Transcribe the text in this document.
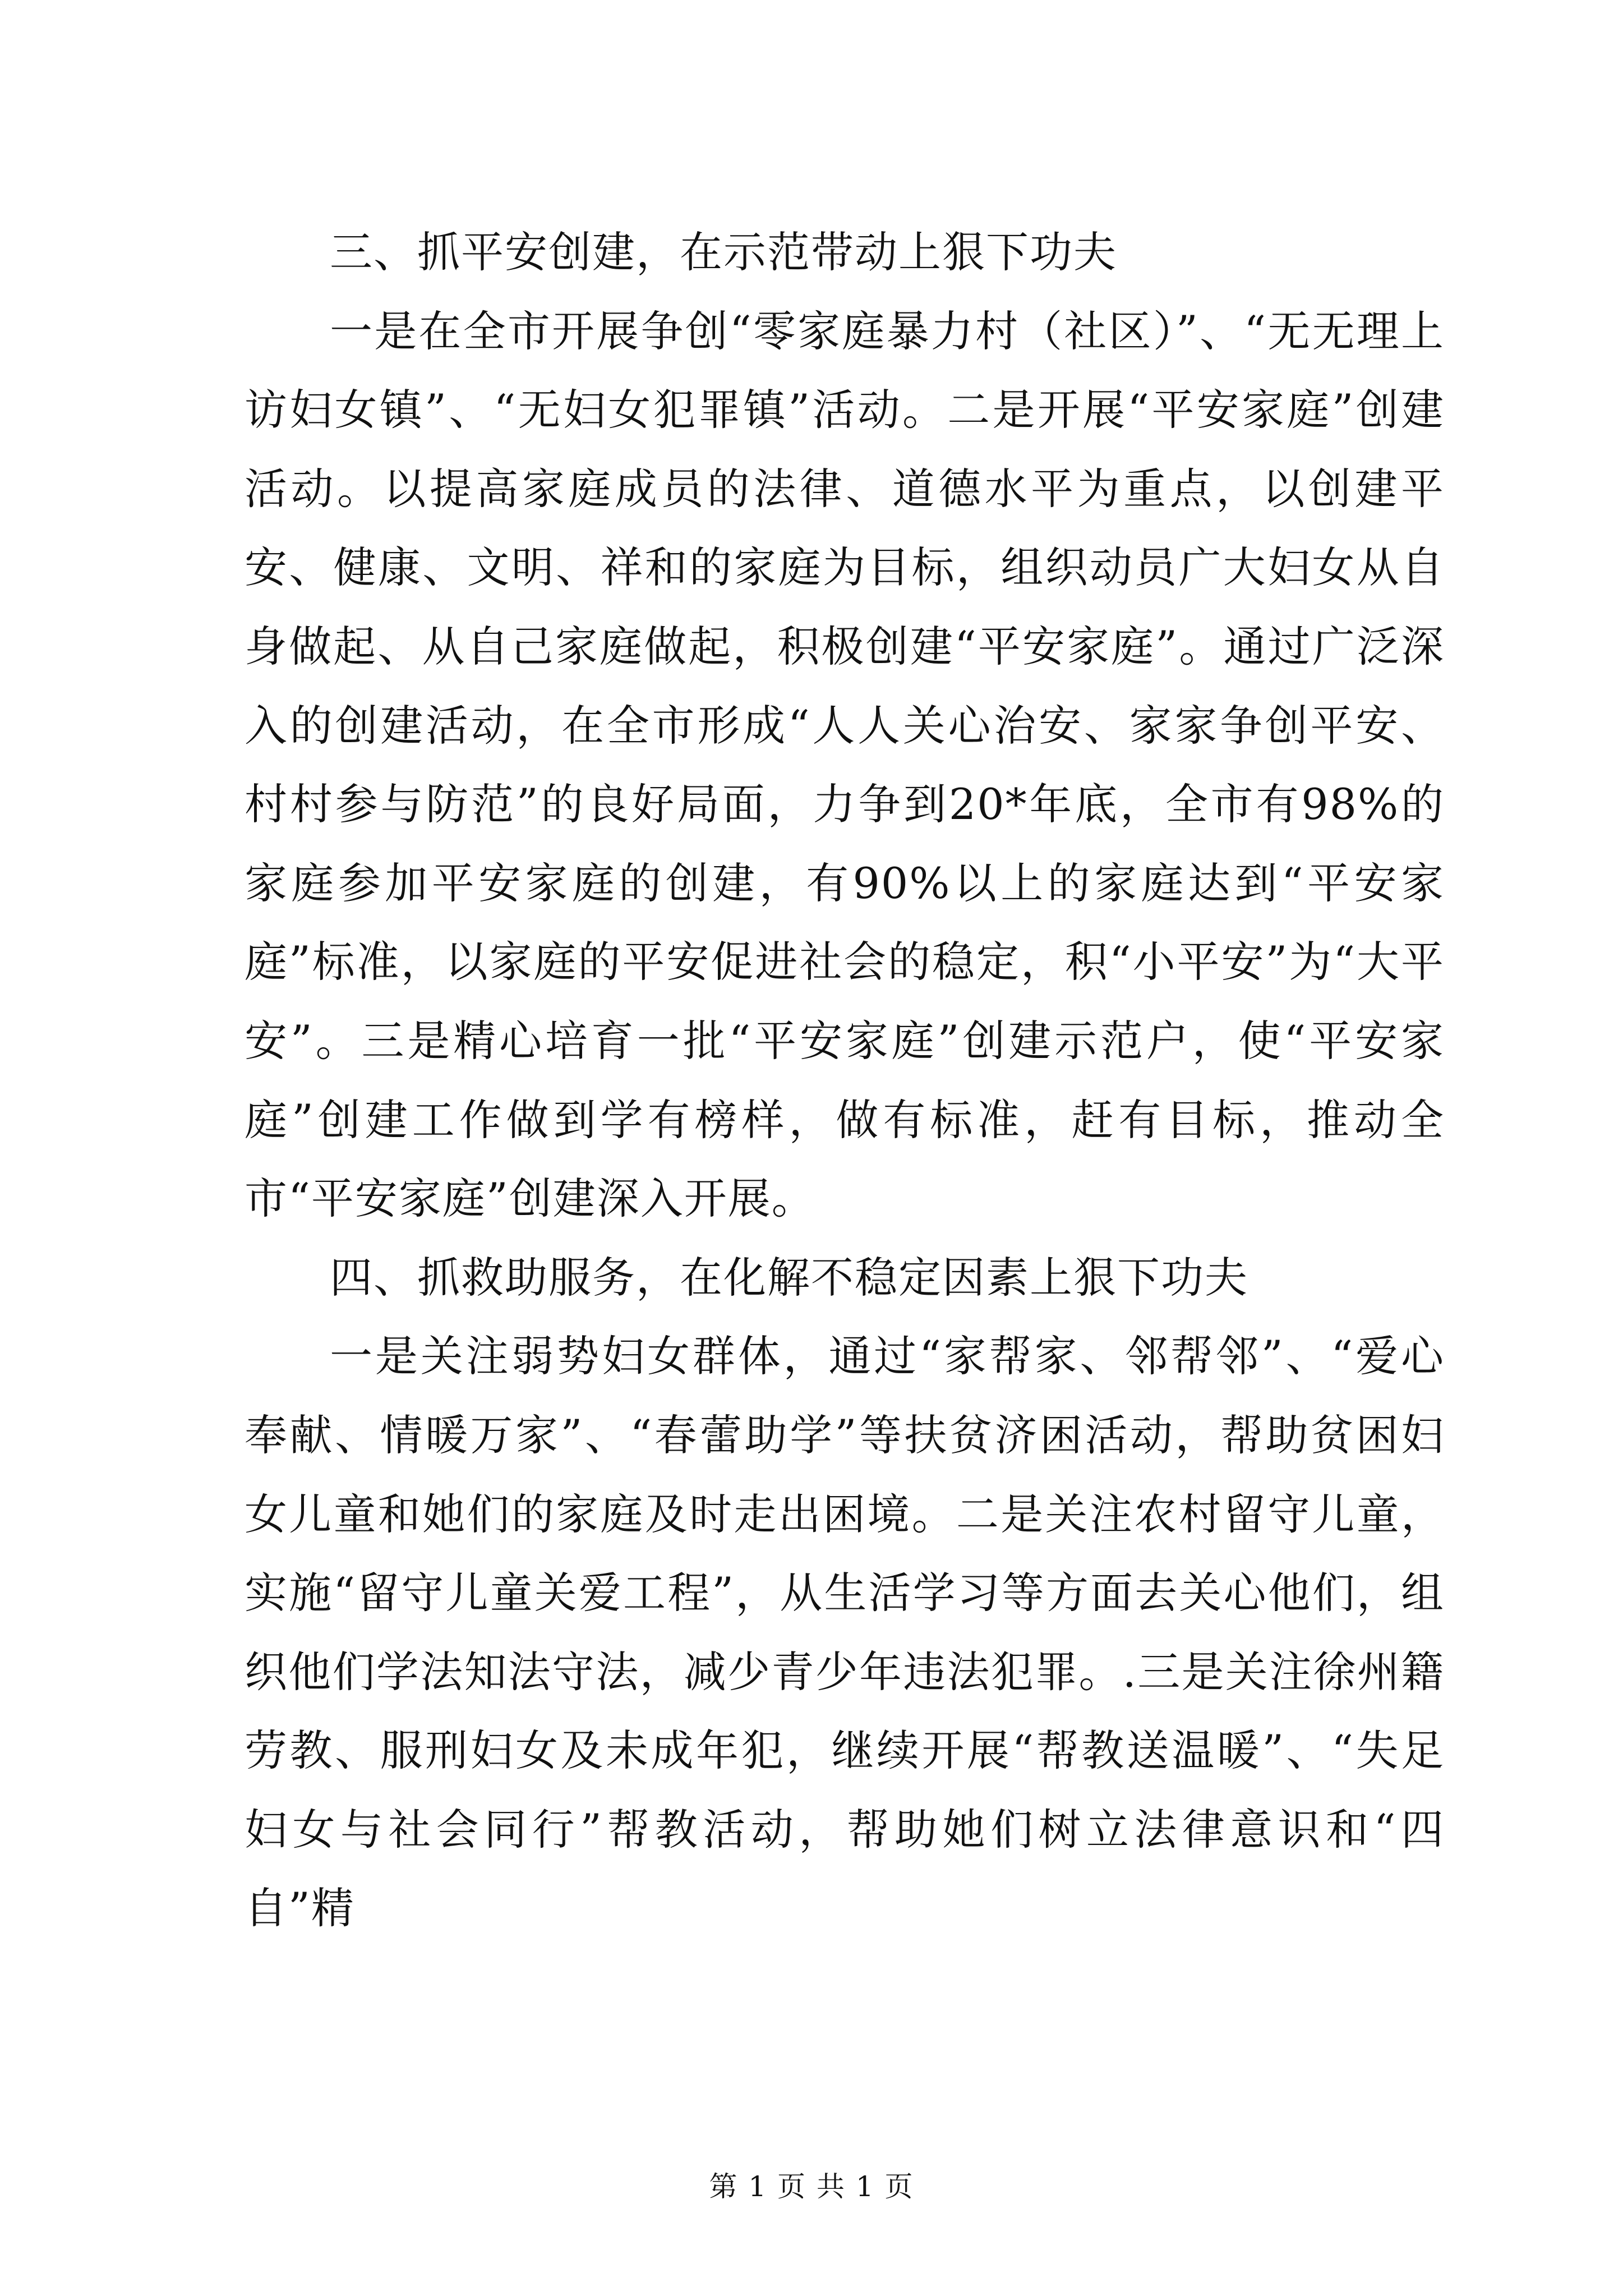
三、抓平安创建，在示范带动上狠下功夫

一是在全市开展争创“零家庭暴力村（社区）”、“无无理上访妇女镇”、“无妇女犯罪镇”活动。二是开展“平安家庭”创建活动。以提高家庭成员的法律、道德水平为重点，以创建平安、健康、文明、祥和的家庭为目标，组织动员广大妇女从自身做起、从自己家庭做起，积极创建“平安家庭”。通过广泛深入的创建活动，在全市形成“人人关心治安、家家争创平安、村村参与防范”的良好局面，力争到20*年底，全市有98%的家庭参加平安家庭的创建，有90%以上的家庭达到“平安家庭”标准，以家庭的平安促进社会的稳定，积“小平安”为“大平安”。三是精心培育一批“平安家庭”创建示范户，使“平安家庭”创建工作做到学有榜样，做有标准，赶有目标，推动全市“平安家庭”创建深入开展。

四、抓救助服务，在化解不稳定因素上狠下功夫

一是关注弱势妇女群体，通过“家帮家、邻帮邻”、“爱心奉献、情暖万家”、“春蕾助学”等扶贫济困活动，帮助贫困妇女儿童和她们的家庭及时走出困境。二是关注农村留守儿童，实施“留守儿童关爱工程”，从生活学习等方面去关心他们，组织他们学法知法守法，减少青少年违法犯罪。.三是关注徐州籍劳教、服刑妇女及未成年犯，继续开展“帮教送温暖”、“失足妇女与社会同行”帮教活动，帮助她们树立法律意识和“四自”精

第 1 页 共 1 页
